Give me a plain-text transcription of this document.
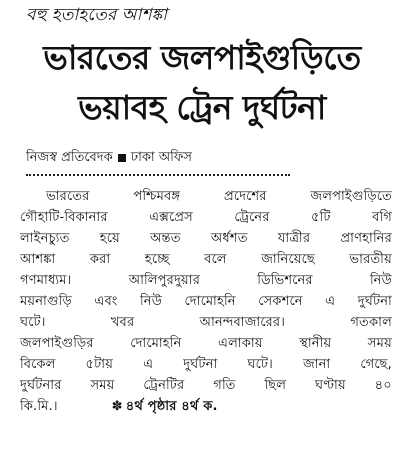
বহু হতাহতের আশঙ্কা
ভারতের জলপাইগুড়িতে
ভয়াবহ ট্রেন দুর্ঘটনা
নিজস্ব প্রতিবেদক ঢাকা অফিস
ভারতের	পশ্চিমবঙ্গ	প্রদেশের	জলপাইগুড়িতে
গৌহাটি-বিকানার	এক্সপ্রেস	ট্রেনের	৫টি	বগি
লাইনচ্যুত হয়ে অন্তত অর্ধশত যাত্রীর প্রাণহানির
আশঙ্কা	করা	হচ্ছে	বলে	জানিয়েছে	ভারতীয়
গণমাধ্যম।	আলিপুরদুয়ার	ডিভিশনের	নিউ
ময়নাগুড়ি এবং নিউ দোমোহনি সেকশনে এ দুর্ঘটনা
ঘটে।	খবর	আনন্দবাজারের।	গতকাল
জলপাইগুড়ির	দোমোহনি	এলাকায়	স্থানীয়	সময়
বিকেল ৫টায় এ দুর্ঘটনা ঘটে। জানা গেছে,
দুর্ঘটনার সময় ট্রেনটির গতি ছিল ঘণ্টায় ৪০
কি.মি.।	✽ ৪র্থ পৃষ্ঠার ৪র্থ ক.
